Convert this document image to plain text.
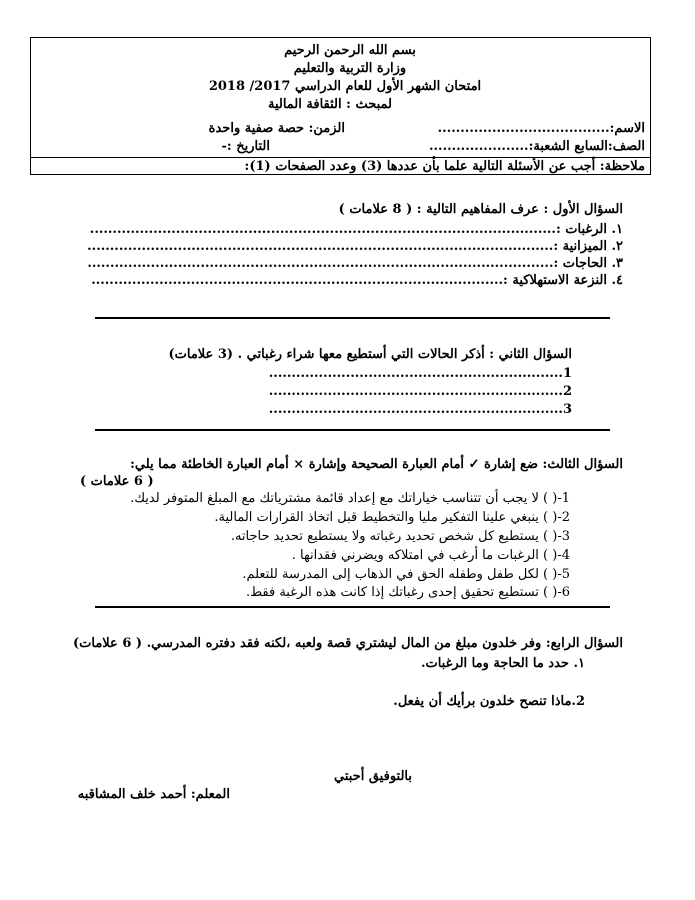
بسم الله الرحمن الرحيم
وزارة التربية والتعليم
امتحان الشهر الأول للعام الدراسي 2017/ 2018
لمبحث : الثقافة المالية
الاسم:......................................
الزمن: حصة صفية واحدة
الصف:السابع الشعبة:......................
التاريخ :-
ملاحظة: أجب عن الأسئلة التالية علما بأن عددها (3) وعدد الصفحات (1):
السؤال الأول : عرف المفاهيم التالية : ( 8 علامات )
١. الرغبات :.......................................................................................................
٢. الميزانية :.......................................................................................................
٣. الحاجات :.......................................................................................................
٤. النزعة الاستهلاكية :...........................................................................................
السؤال الثاني : أذكر الحالات التي أستطيع معها شراء رغباتي . (3 علامات)
1.................................................................
2.................................................................
3.................................................................
السؤال الثالث: ضع إشارة ✓ أمام العبارة الصحيحة وإشارة × أمام العبارة الخاطئة مما يلي:
( 6 علامات )
1-( ) لا يجب أن تتناسب خياراتك مع إعداد قائمة مشترياتك مع المبلغ المتوفر لديك.
2-( ) ينبغي علينا التفكير مليا والتخطيط قبل اتخاذ القرارات المالية.
3-( ) يستطيع كل شخص تحديد رغباته ولا يستطيع تحديد حاجاته.
4-( ) الرغبات ما أرغب في امتلاكه ويضرني فقدانها .
5-( ) لكل طفل وطفله الحق في الذهاب إلى المدرسة للتعلم.
6-( ) تستطيع تحقيق إحدى رغباتك إذا كانت هذه الرغبة فقط.
السؤال الرابع: وفر خلدون مبلغ من المال ليشتري قصة ولعبه ،لكنه فقد دفتره المدرسي. ( 6 علامات)
١. حدد ما الحاجة وما الرغبات.
2.ماذا تنصح خلدون برأيك أن يفعل.
بالتوفيق أحبتي
المعلم: أحمد خلف المشاقبه
